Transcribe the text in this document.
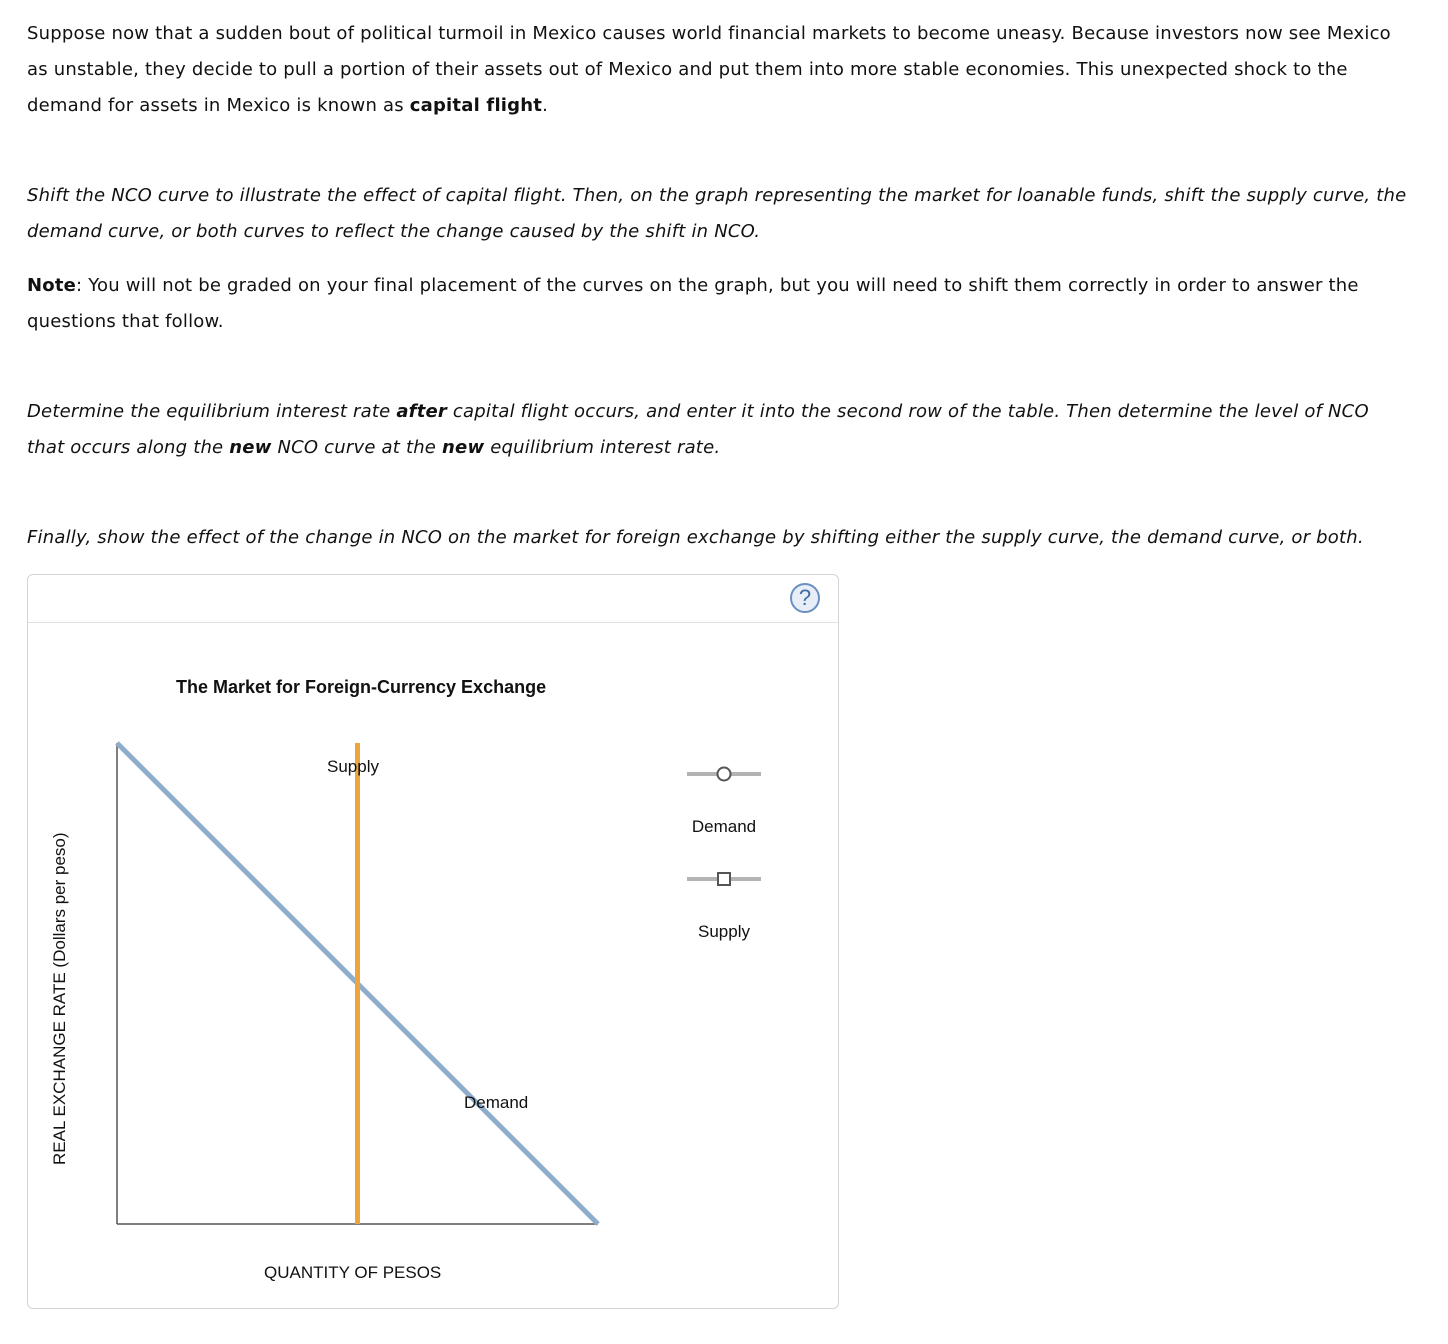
Suppose now that a sudden bout of political turmoil in Mexico causes world financial markets to become uneasy. Because investors now see Mexico as unstable, they decide to pull a portion of their assets out of Mexico and put them into more stable economies. This unexpected shock to the demand for assets in Mexico is known as capital flight.

Shift the NCO curve to illustrate the effect of capital flight. Then, on the graph representing the market for loanable funds, shift the supply curve, the demand curve, or both curves to reflect the change caused by the shift in NCO.

Note: You will not be graded on your final placement of the curves on the graph, but you will need to shift them correctly in order to answer the questions that follow.

Determine the equilibrium interest rate after capital flight occurs, and enter it into the second row of the table. Then determine the level of NCO that occurs along the new NCO curve at the new equilibrium interest rate.

Finally, show the effect of the change in NCO on the market for foreign exchange by shifting either the supply curve, the demand curve, or both.

?
The Market for Foreign-Currency Exchange
REAL EXCHANGE RATE (Dollars per peso)
QUANTITY OF PESOS
Supply
Demand
Demand
Supply
